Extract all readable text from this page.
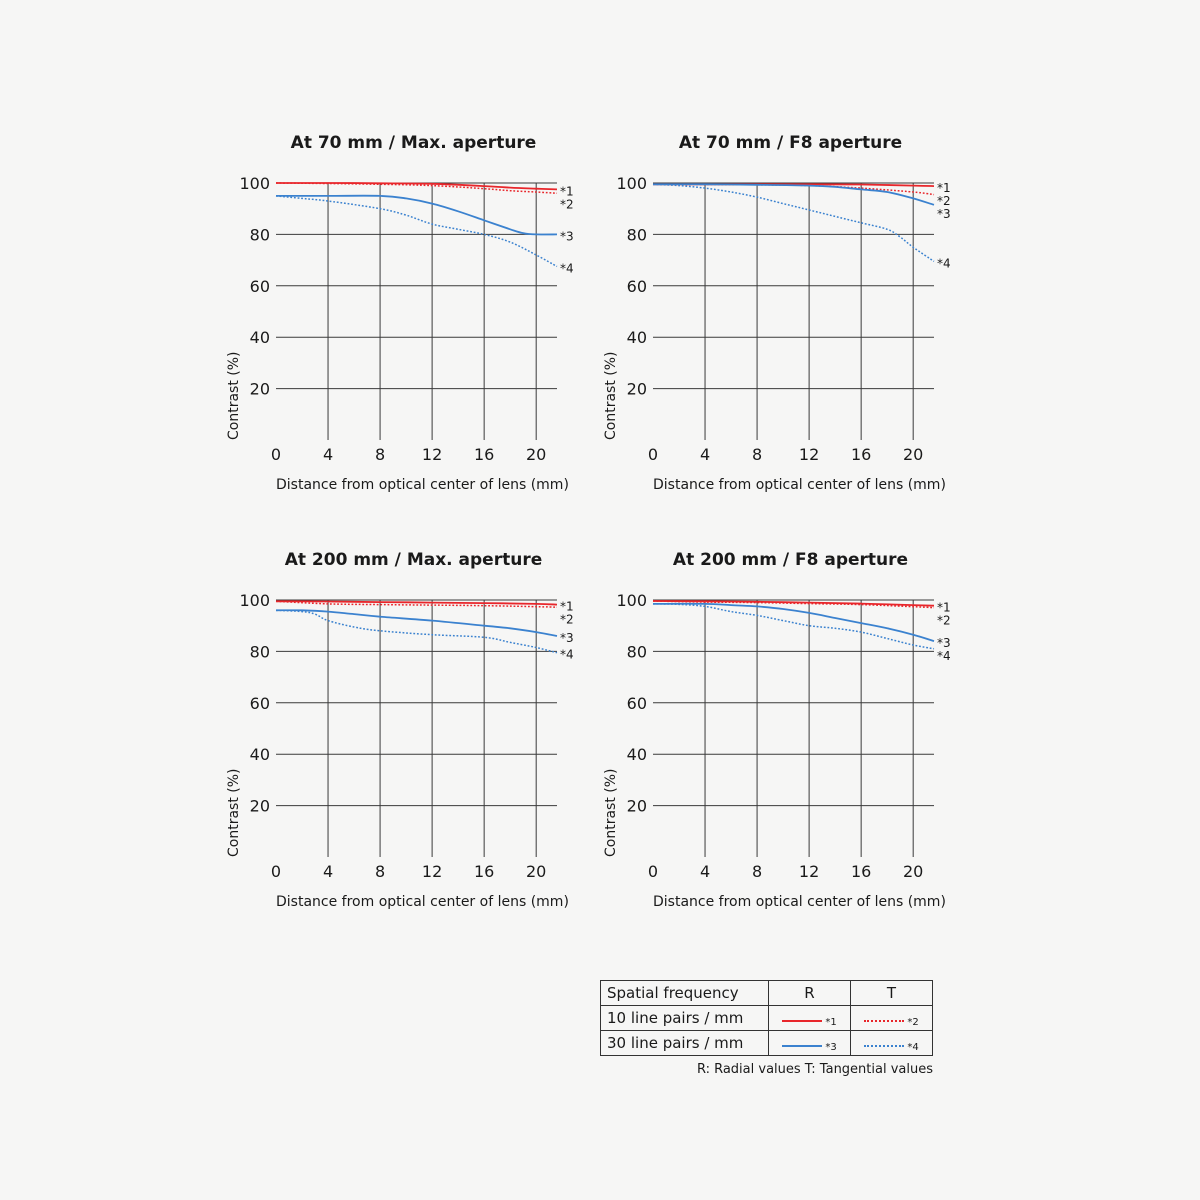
At 70 mm / Max. aperture
20
40
60
80
100
0	4	8 12 16 20
Distance from optical center of lens (mm)
Contrast (%)
*1
*2
*3
*4
At 70 mm / F8 aperture
20
40
60
80
100
0	4	8 12 16 20
Distance from optical center of lens (mm)
Contrast (%)
*1
*2
*3
*4
At 200 mm / Max. aperture
20
40
60
80
100
0	4	8 12 16 20
Distance from optical center of lens (mm)
Contrast (%)
*1
*2
*3
*4
At 200 mm / F8 aperture
20
40
60
80
100
0	4	8 12 16 20
Distance from optical center of lens (mm)
Contrast (%)
*1
*2
*3
*4
Spatial frequency	R	T
10 line pairs / mm	*1	*2

30 line pairs / mm	*3	*4
R: Radial values T: Tangential values
